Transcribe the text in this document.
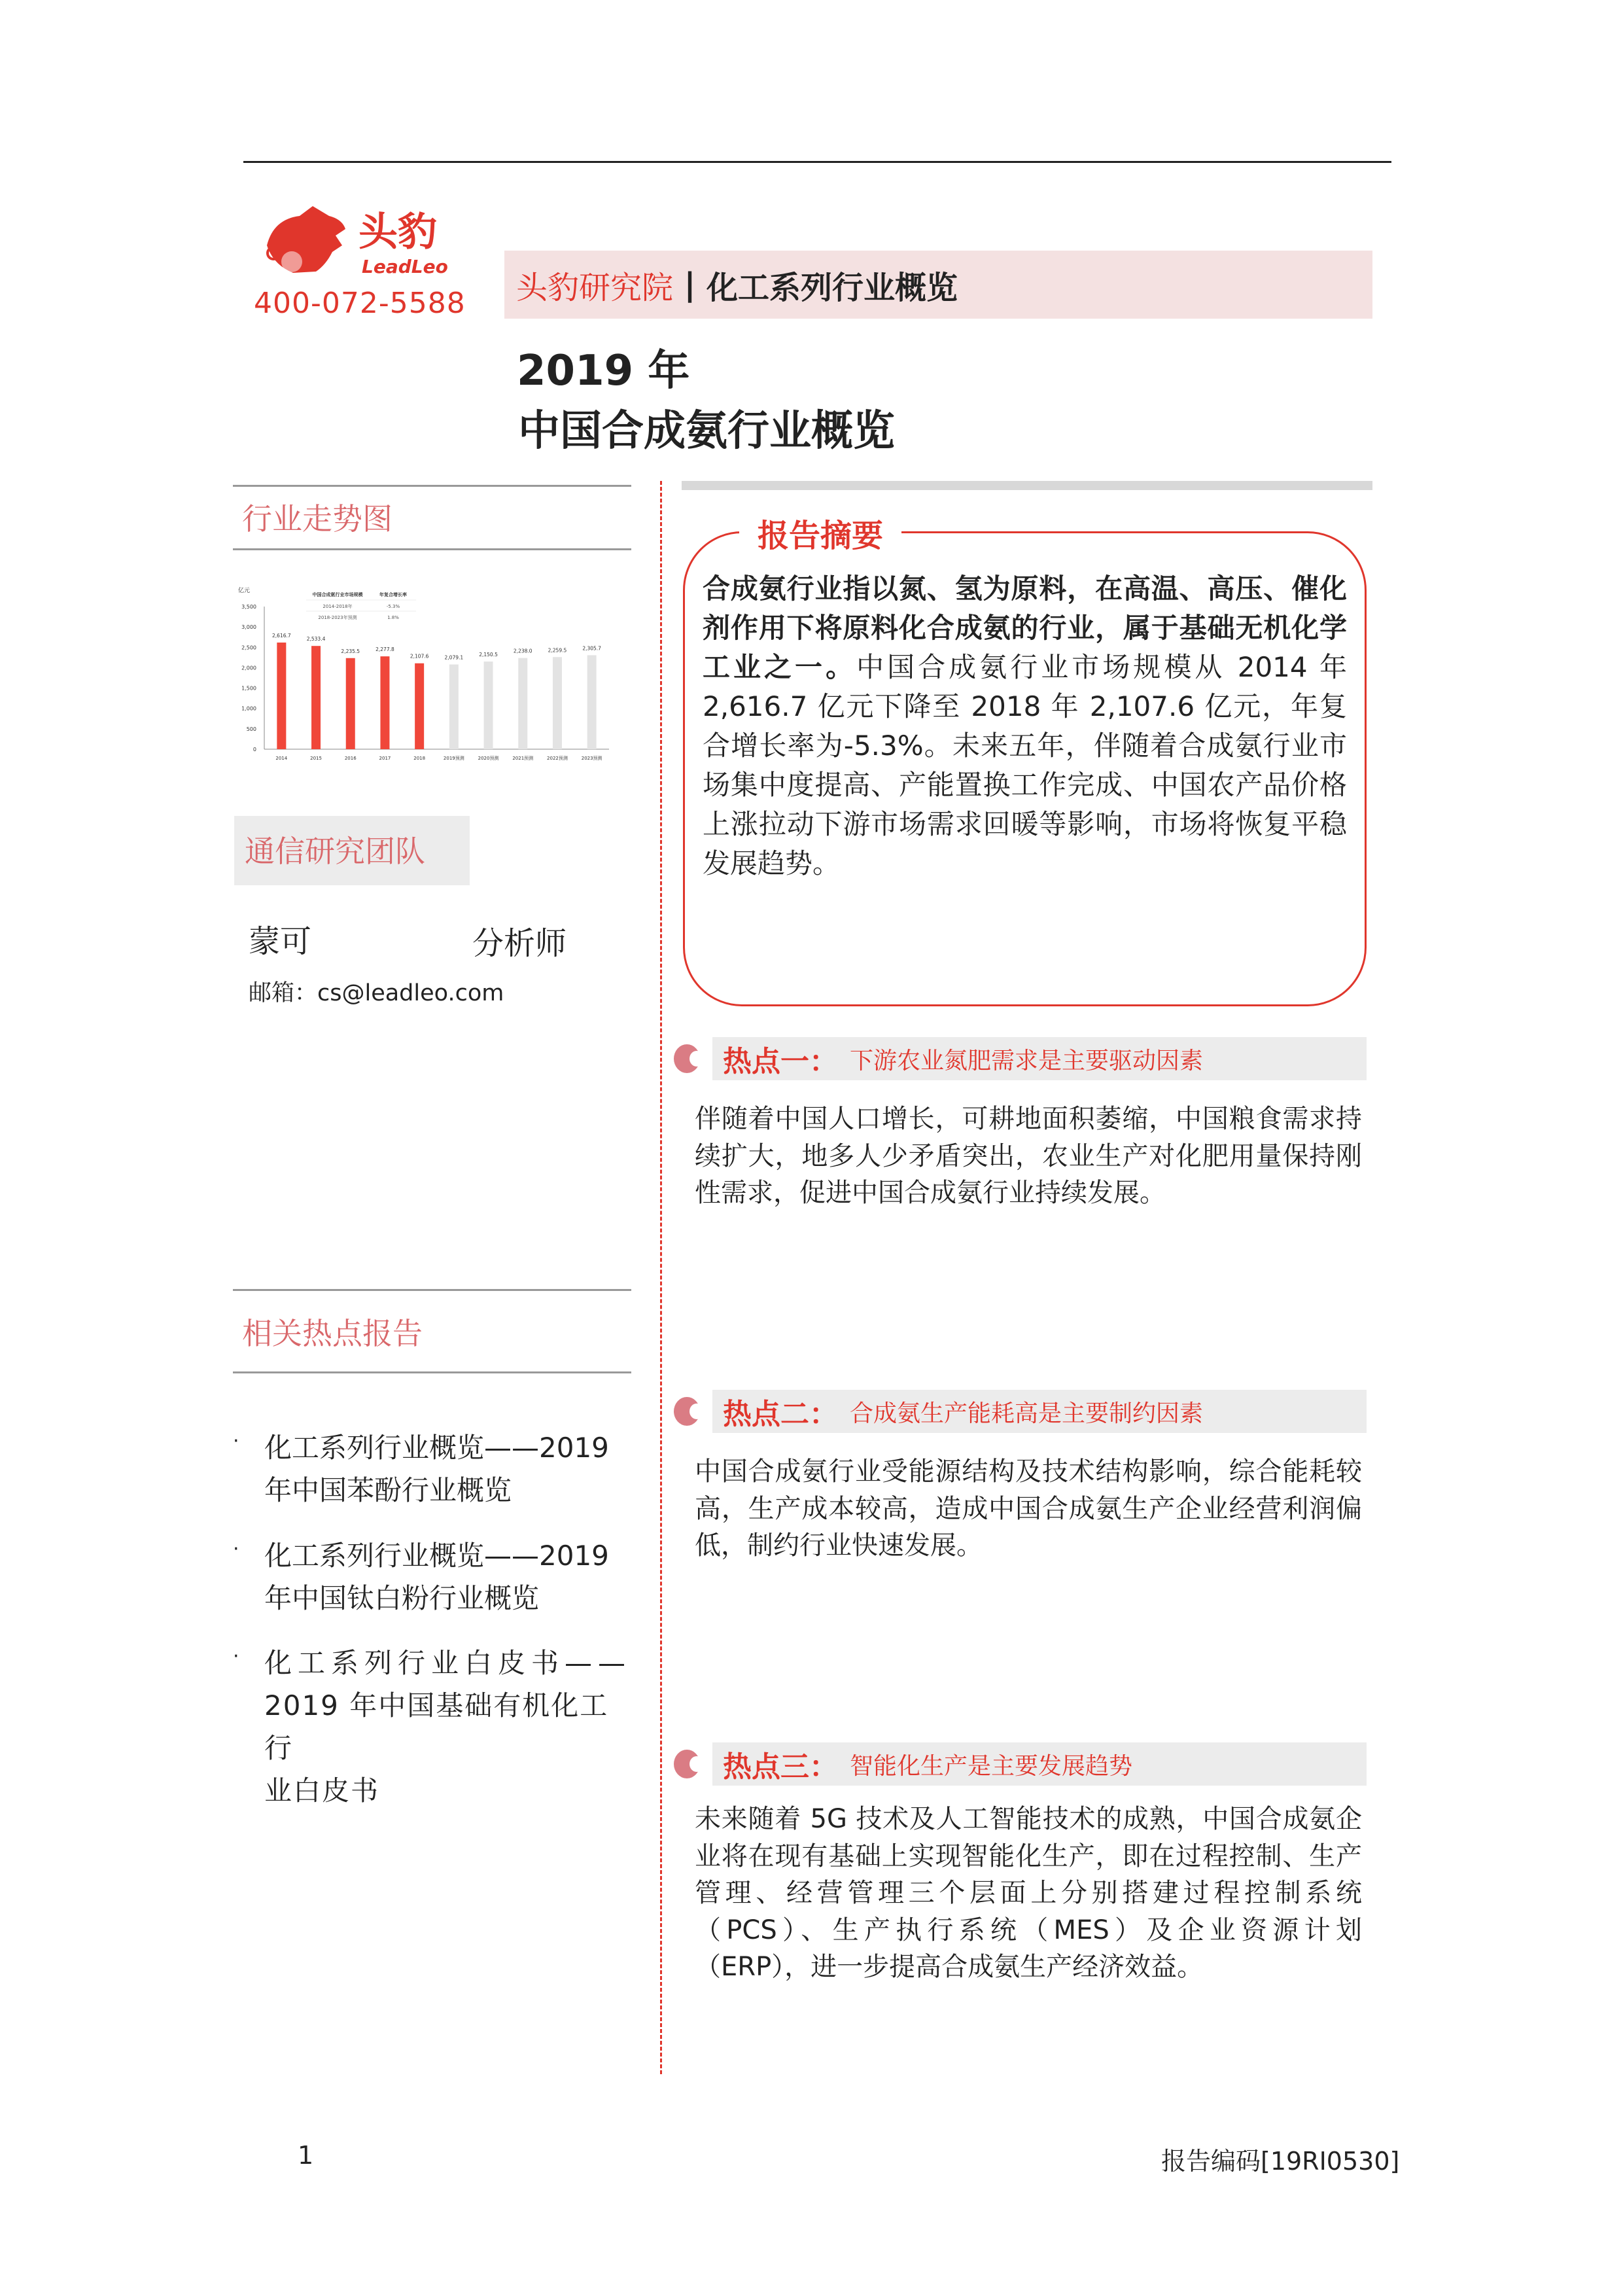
头豹
LeadLeo
400-072-5588 头豹研究院 | 化工系列行业概览
2019 年
中国合成氨行业概览
行业走势图
亿元
0
500
1,000
1,500
2,000
2,500
3,000
3,500
2,616.7
2014
2,533.4
2015
2,235.5
2016
2,277.8
2017
2,107.6
2018
2,079.1
2019预测
2,150.5
2020预测
2,238.0
2021预测
2,259.5
2022预测
2,305.7
2023预测
中国合成氨行业市场规模	年复合增长率
2014-2018年	-5.3%
2018-2023年预测	1.8%
通信研究团队
蒙可	分析师
邮箱：cs@leadleo.com
相关热点报告
· 化工系列行业概览——2019
年中国苯酚行业概览
· 化工系列行业概览——2019
年中国钛白粉行业概览
· 化工系列行业白皮书——
2019 年中国基础有机化工行
业白皮书
报告摘要
合成氨行业指以氮、氢为原料，在高温、高压、催化剂作用下将原料化合成氨的行业，属于基础无机化学工业之一。中国合成氨行业市场规模从 2014 年 2,616.7 亿元下降至 2018 年 2,107.6 亿元，年复合增长率为-5.3%。未来五年，伴随着合成氨行业市场集中度提高、产能置换工作完成、中国农产品价格上涨拉动下游市场需求回暖等影响，市场将恢复平稳发展趋势。
热点一： 下游农业氮肥需求是主要驱动因素
伴随着中国人口增长，可耕地面积萎缩，中国粮食需求持续扩大，地多人少矛盾突出，农业生产对化肥用量保持刚性需求，促进中国合成氨行业持续发展。
热点二： 合成氨生产能耗高是主要制约因素
中国合成氨行业受能源结构及技术结构影响，综合能耗较高，生产成本较高，造成中国合成氨生产企业经营利润偏低，制约行业快速发展。
热点三： 智能化生产是主要发展趋势
未来随着 5G 技术及人工智能技术的成熟，中国合成氨企业将在现有基础上实现智能化生产，即在过程控制、生产管理、经营管理三个层面上分别搭建过程控制系统（PCS）、生产执行系统（MES）及企业资源计划（ERP），进一步提高合成氨生产经济效益。
1	报告编码[19RI0530]
